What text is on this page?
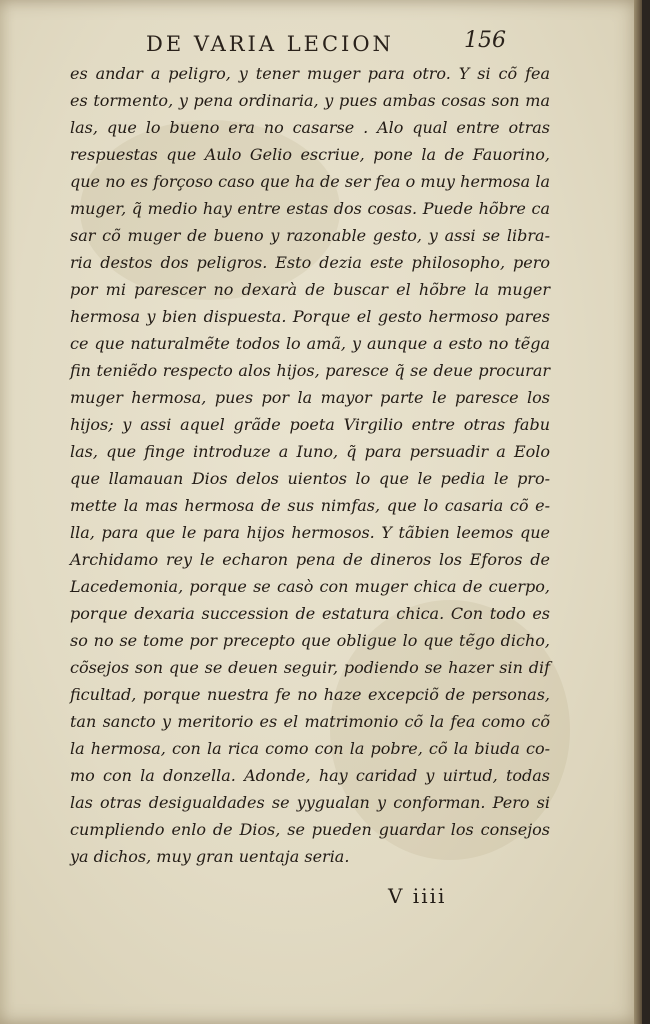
DE VARIA LECION	156
es andar a peligro, y tener muger para otro. Y si cõ fea
es tormento, y pena ordinaria, y pues ambas cosas son ma
las, que lo bueno era no casarse . Alo qual entre otras
respuestas que Aulo Gelio escriue, pone la de Fauorino,
que no es forçoso caso que ha de ser fea o muy hermosa la
muger, q̃ medio hay entre estas dos cosas. Puede hõbre ca
sar cõ muger de bueno y razonable gesto, y assi se libra-
ria destos dos peligros. Esto dezia este philosopho, pero
por mi parescer no dexarà de buscar el hõbre la muger
hermosa y bien dispuesta. Porque el gesto hermoso pares
ce que naturalmẽte todos lo amã, y aunque a esto no tẽga
fin teniẽdo respecto alos hijos, paresce q̃ se deue procurar
muger hermosa, pues por la mayor parte le paresce los
hijos; y assi aquel grãde poeta Virgilio entre otras fabu
las, que finge introduze a Iuno, q̃ para persuadir a Eolo
que llamauan Dios delos uientos lo que le pedia le pro-
mette la mas hermosa de sus nimfas, que lo casaria cõ e-
lla, para que le para hijos hermosos. Y tãbien leemos que
Archidamo rey le echaron pena de dineros los Eforos de
Lacedemonia, porque se casò con muger chica de cuerpo,
porque dexaria succession de estatura chica. Con todo es
so no se tome por precepto que obligue lo que tẽgo dicho,
cõsejos son que se deuen seguir, podiendo se hazer sin dif
ficultad, porque nuestra fe no haze excepciõ de personas,
tan sancto y meritorio es el matrimonio cõ la fea como cõ
la hermosa, con la rica como con la pobre, cõ la biuda co-
mo con la donzella. Adonde, hay caridad y uirtud, todas
las otras desigualdades se yygualan y conforman. Pero si
cumpliendo enlo de Dios, se pueden guardar los consejos
ya dichos, muy gran uentaja seria.
V iiii
